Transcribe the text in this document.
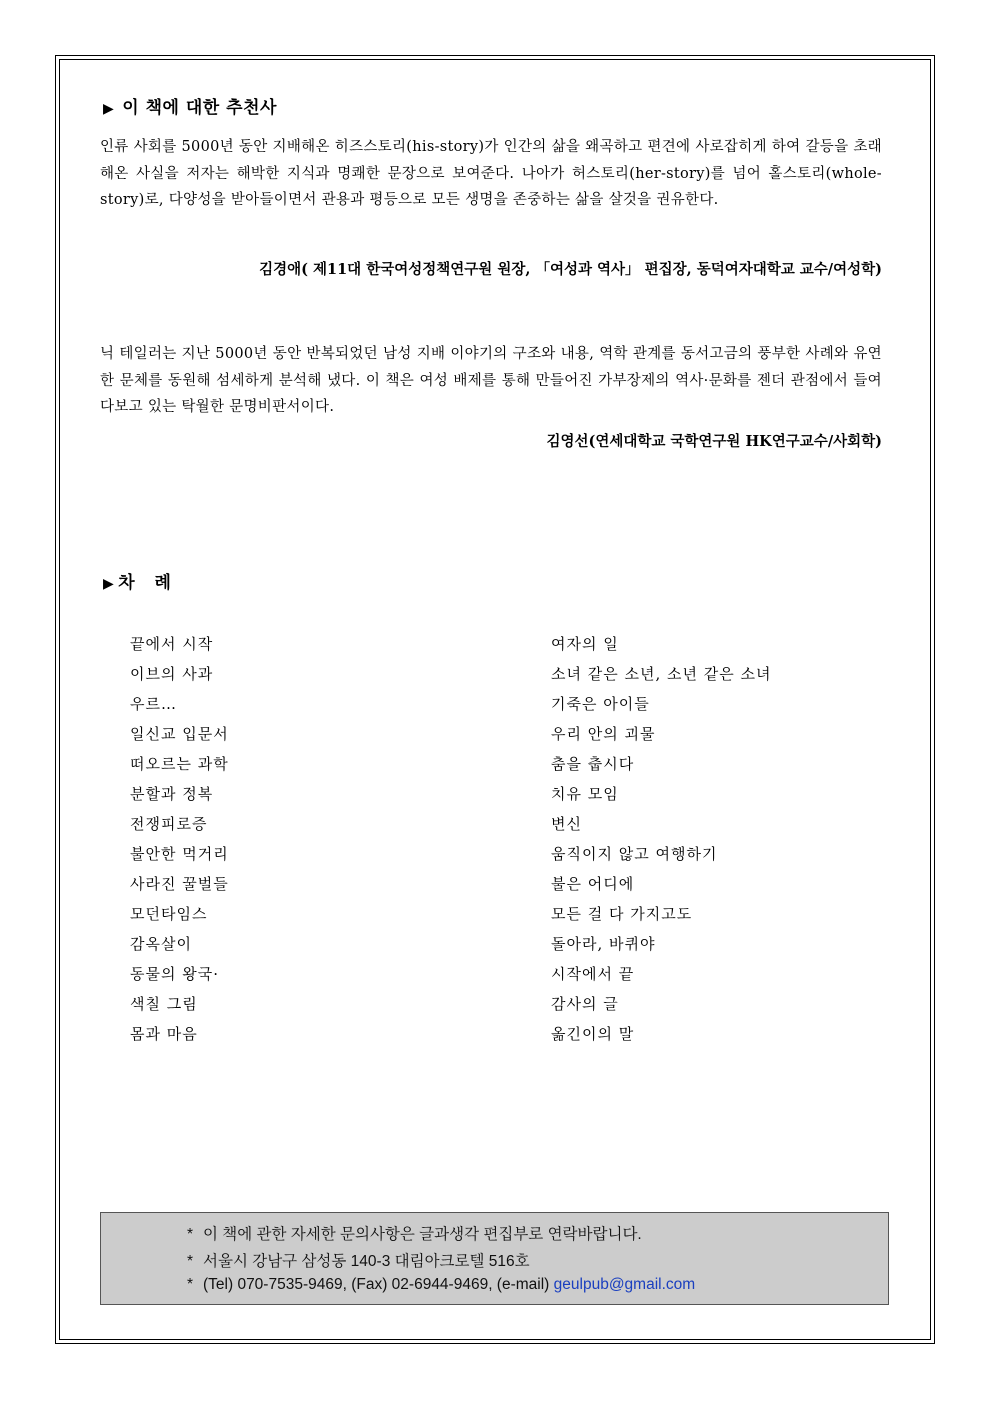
▶ 이 책에 대한 추천사
인류 사회를 5000년 동안 지배해온 히즈스토리(his-story)가 인간의 삶을 왜곡하고 편견에 사로잡히게 하여 갈등을 초래해온 사실을 저자는 해박한 지식과 명쾌한 문장으로 보여준다. 나아가 허스토리(her-story)를 넘어 홀스토리(whole-story)로, 다양성을 받아들이면서 관용과 평등으로 모든 생명을 존중하는 삶을 살것을 권유한다.
김경애( 제11대 한국여성정책연구원 원장, 「여성과 역사」 편집장, 동덕여자대학교 교수/여성학)
닉 테일러는 지난 5000년 동안 반복되었던 남성 지배 이야기의 구조와 내용, 역학 관계를 동서고금의 풍부한 사례와 유연한 문체를 동원해 섬세하게 분석해 냈다. 이 책은 여성 배제를 통해 만들어진 가부장제의 역사·문화를 젠더 관점에서 들여다보고 있는 탁월한 문명비판서이다.
김영선(연세대학교 국학연구원 HK연구교수/사회학)
▶ 차   례
끝에서 시작
이브의 사과
우르…
일신교 입문서
떠오르는 과학
분할과 정복
전쟁피로증
불안한 먹거리
사라진 꿀벌들
모던타임스
감옥살이
동물의 왕국·
색칠 그림
몸과 마음
여자의 일
소녀 같은 소년, 소년 같은 소녀
기죽은 아이들
우리 안의 괴물
춤을 춥시다
치유 모임
변신
움직이지 않고 여행하기
불은 어디에
모든 걸 다 가지고도
돌아라, 바퀴야
시작에서 끝
감사의 글
옮긴이의 말
* 이 책에 관한 자세한 문의사항은 글과생각 편집부로 연락바랍니다.
* 서울시 강남구 삼성동 140-3 대림아크로텔 516호
* (Tel) 070-7535-9469, (Fax) 02-6944-9469, (e-mail) geulpub@gmail.com
